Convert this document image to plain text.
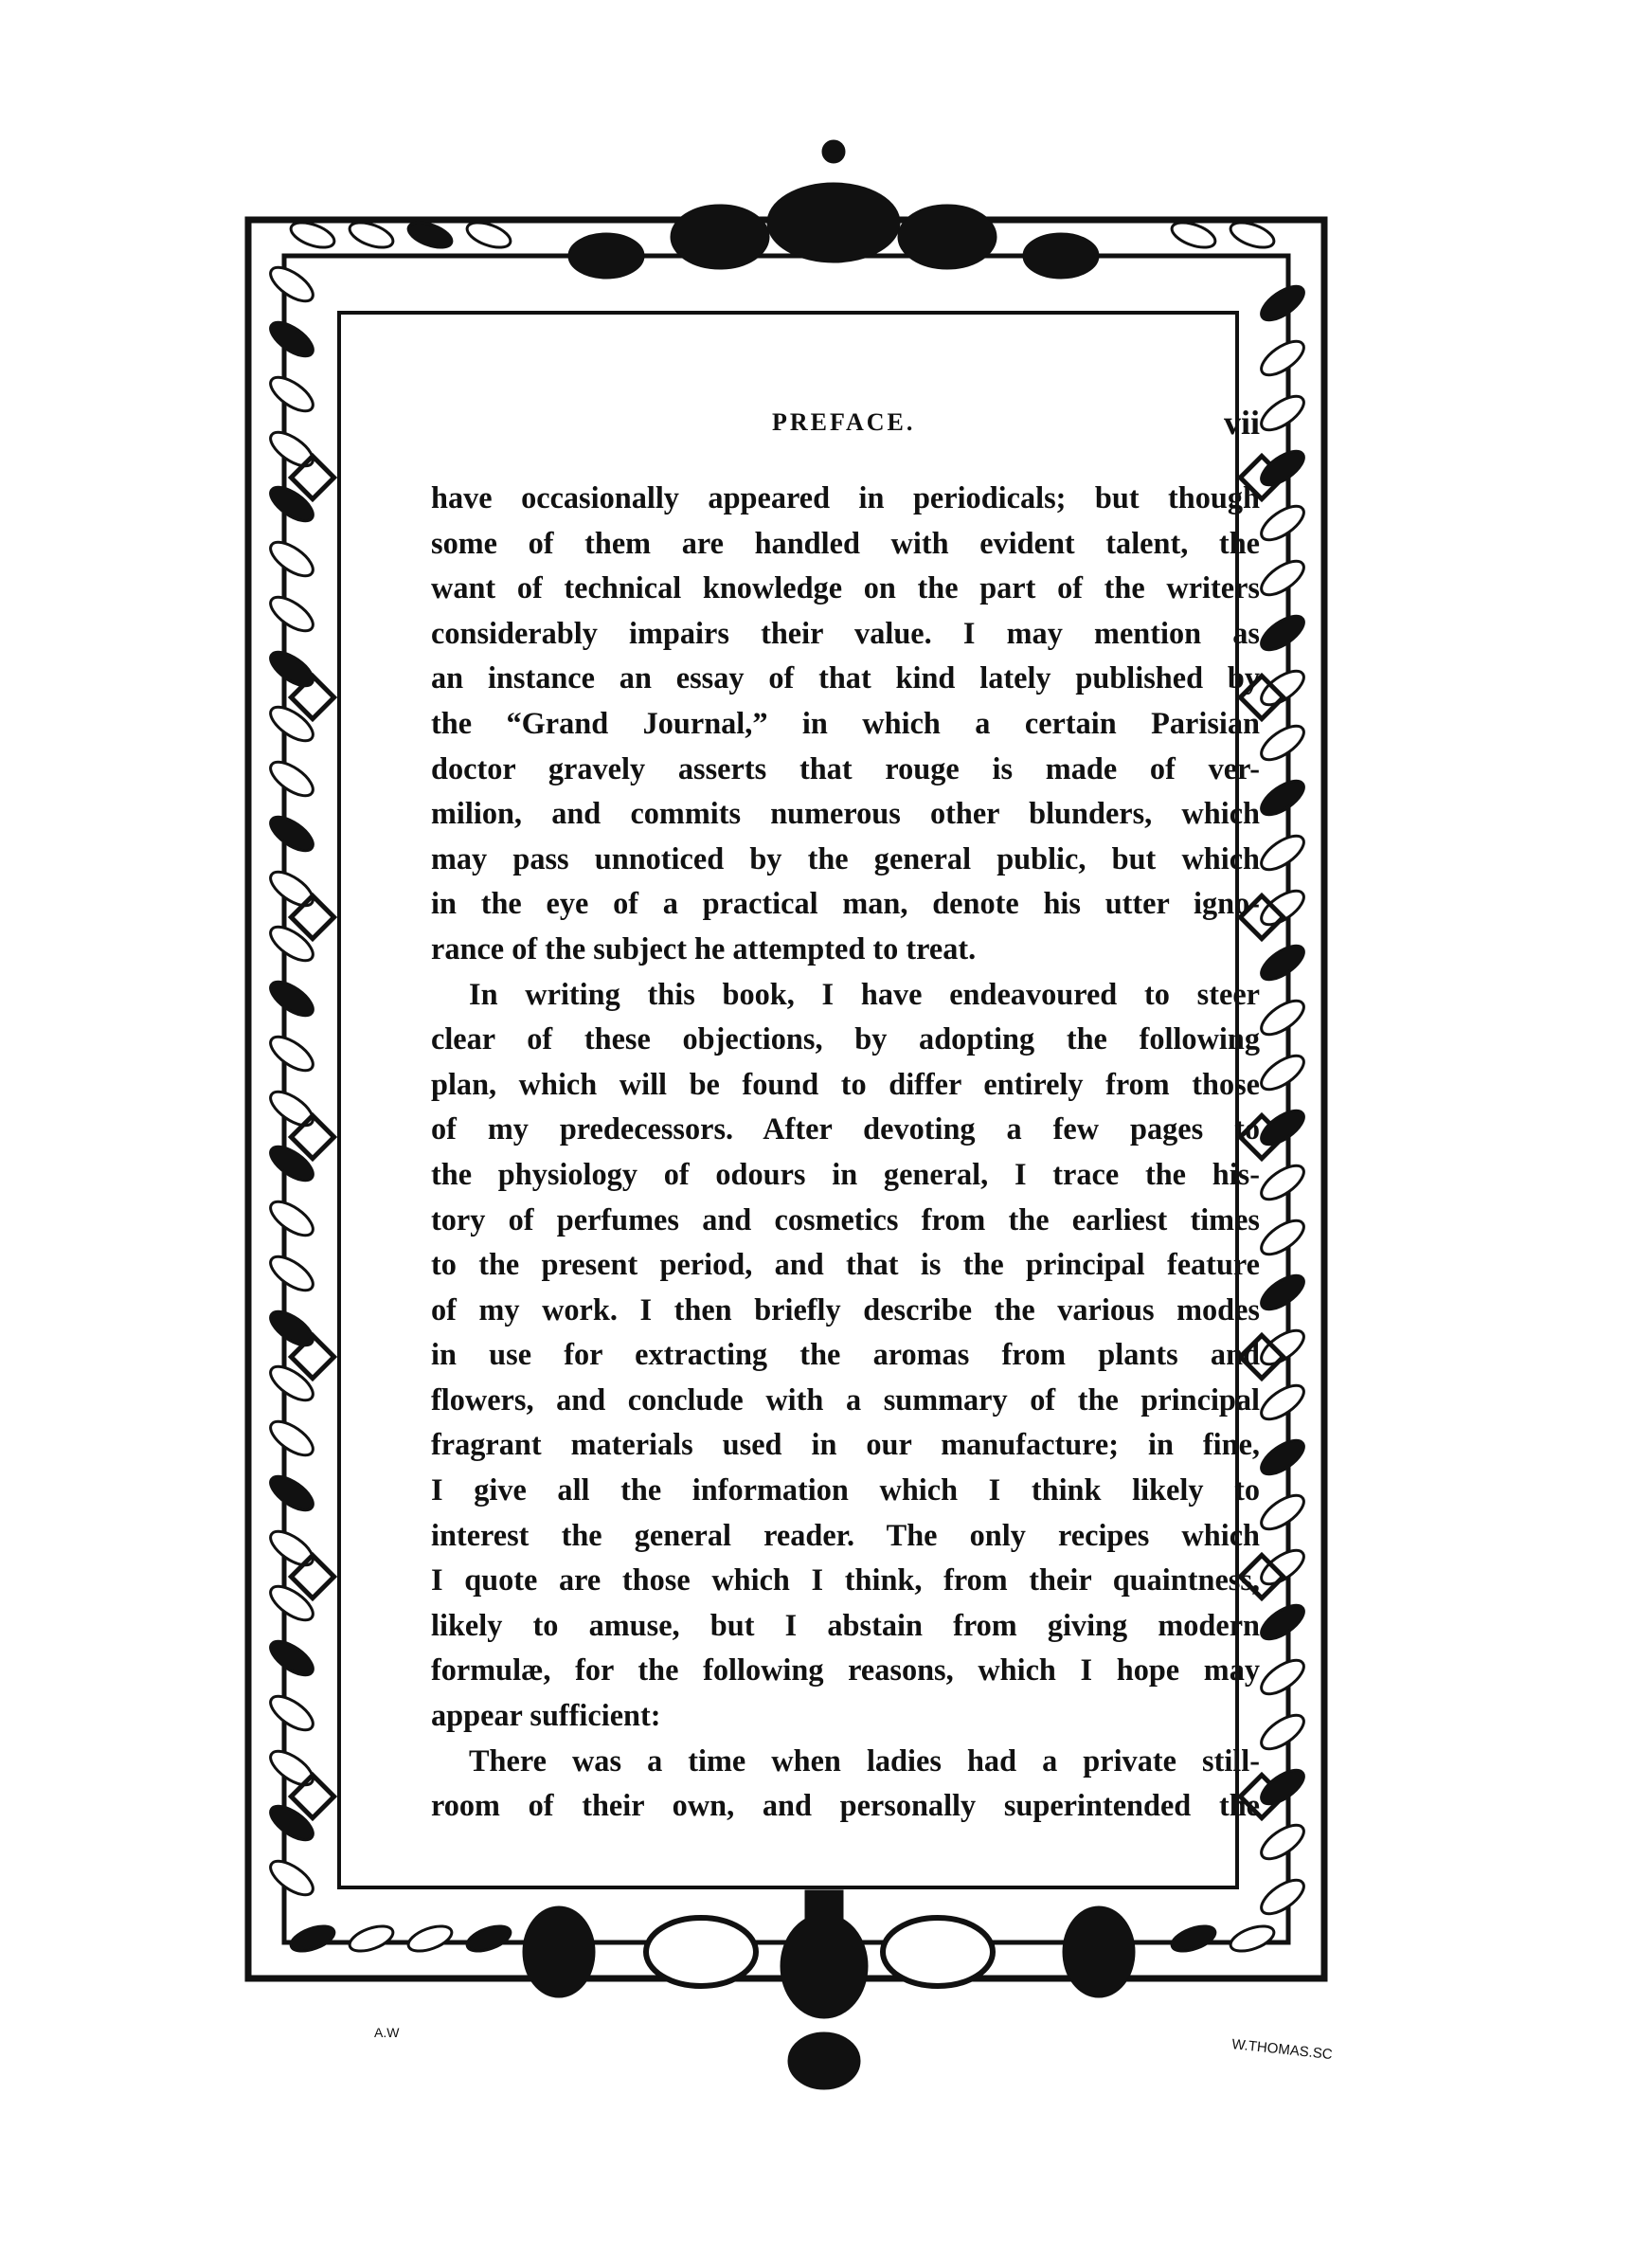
A.W
W.THOMAS.SC
PREFACE.	vii

have occasionally appeared in periodicals; but though
some of them are handled with evident talent, the
want of technical knowledge on the part of the writers
considerably impairs their value. I may mention as
an instance an essay of that kind lately published by
the “Grand Journal,” in which a certain Parisian
doctor gravely asserts that rouge is made of ver-
milion, and commits numerous other blunders, which
may pass unnoticed by the general public, but which
in the eye of a practical man, denote his utter igno-
rance of the subject he attempted to treat.

In writing this book, I have endeavoured to steer
clear of these objections, by adopting the following
plan, which will be found to differ entirely from those
of my predecessors. After devoting a few pages to
the physiology of odours in general, I trace the his-
tory of perfumes and cosmetics from the earliest times
to the present period, and that is the principal feature
of my work. I then briefly describe the various modes
in use for extracting the aromas from plants and
flowers, and conclude with a summary of the principal
fragrant materials used in our manufacture; in fine,
I give all the information which I think likely to
interest the general reader. The only recipes which
I quote are those which I think, from their quaintness,
likely to amuse, but I abstain from giving modern
formulæ, for the following reasons, which I hope may
appear sufficient:

There was a time when ladies had a private still-
room of their own, and personally superintended the
